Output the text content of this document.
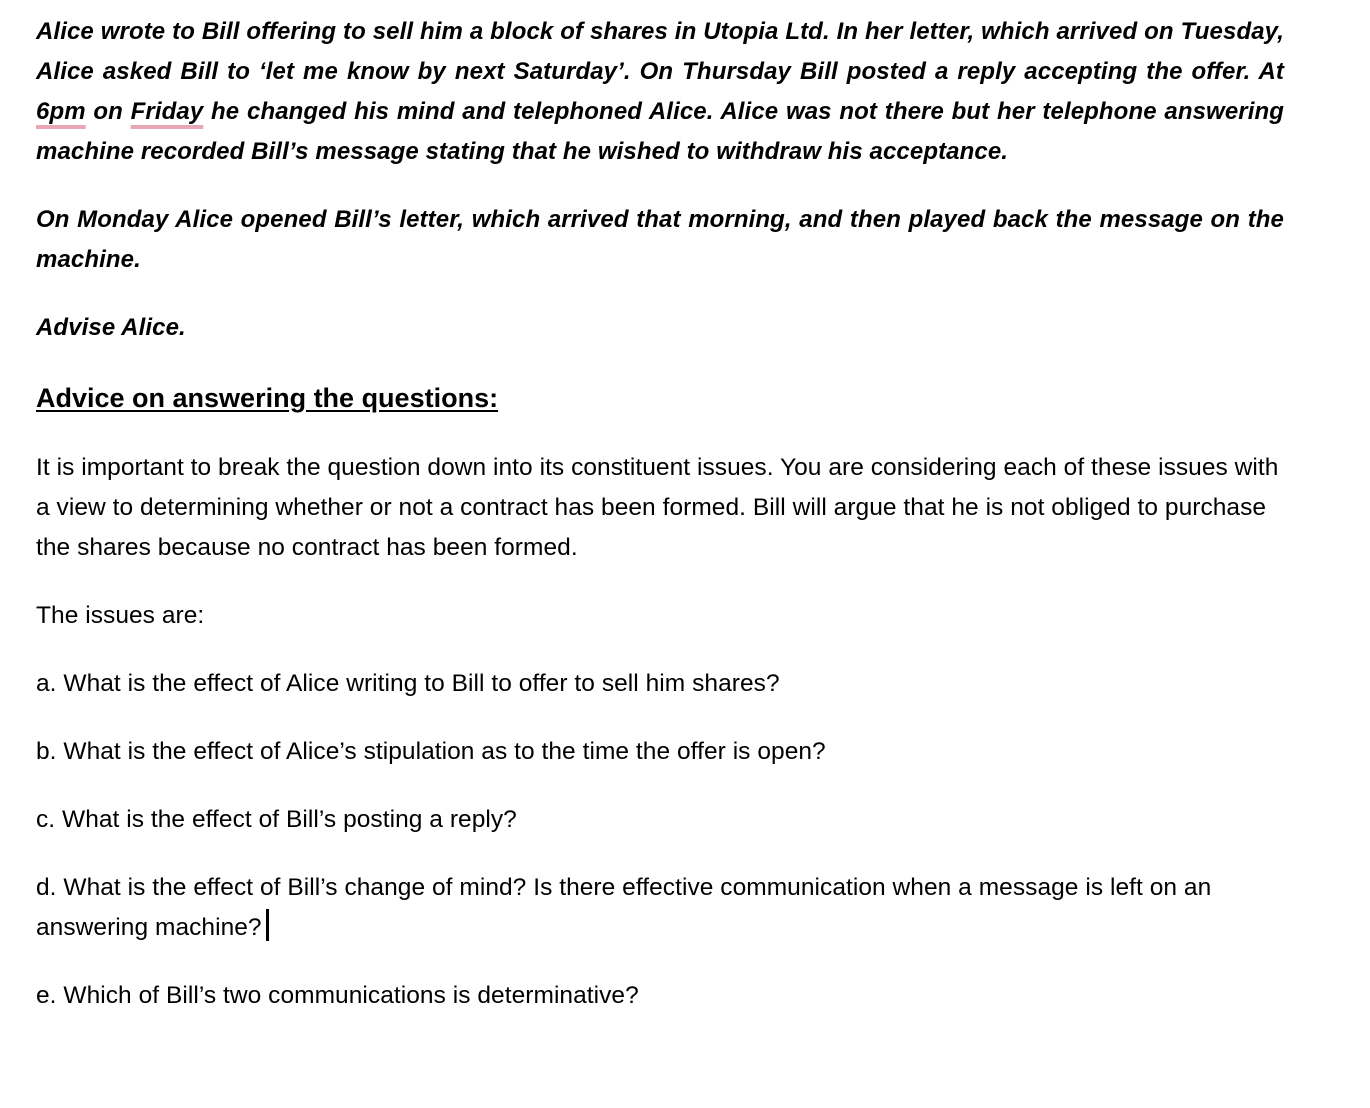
Alice wrote to Bill offering to sell him a block of shares in Utopia Ltd. In her letter, which arrived on Tuesday, Alice asked Bill to ‘let me know by next Saturday’. On Thursday Bill posted a reply accepting the offer. At 6pm on Friday he changed his mind and telephoned Alice. Alice was not there but her telephone answering machine recorded Bill’s message stating that he wished to withdraw his acceptance.

On Monday Alice opened Bill’s letter, which arrived that morning, and then played back the message on the machine.

Advise Alice.

Advice on answering the questions:

It is important to break the question down into its constituent issues. You are considering each of these issues with a view to determining whether or not a contract has been formed. Bill will argue that he is not obliged to purchase the shares because no contract has been formed.

The issues are:

a. What is the effect of Alice writing to Bill to offer to sell him shares?

b. What is the effect of Alice’s stipulation as to the time the offer is open?

c. What is the effect of Bill’s posting a reply?

d. What is the effect of Bill’s change of mind? Is there effective communication when a message is left on an answering machine?

e. Which of Bill’s two communications is determinative?
